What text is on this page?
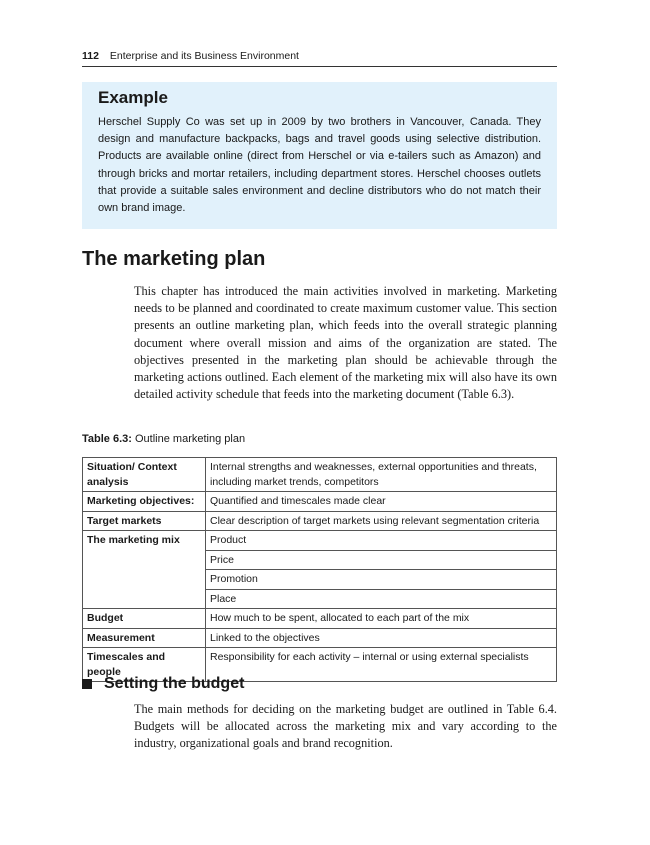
112 Enterprise and its Business Environment
Example

Herschel Supply Co was set up in 2009 by two brothers in Vancouver, Canada. They design and manufacture backpacks, bags and travel goods using selective distribution. Products are available online (direct from Herschel or via e-tailers such as Amazon) and through bricks and mortar retailers, including department stores. Herschel chooses outlets that provide a suitable sales environment and decline distributors who do not match their own brand image.

The marketing plan

This chapter has introduced the main activities involved in marketing. Marketing needs to be planned and coordinated to create maximum customer value. This section presents an outline marketing plan, which feeds into the overall strategic planning document where overall mission and aims of the organization are stated. The objectives presented in the marketing plan should be achievable through the marketing actions outlined. Each element of the marketing mix will also have its own detailed activity schedule that feeds into the marketing document (Table 6.3).

Table 6.3: Outline marketing plan

Situation/ Context analysis	Internal strengths and weaknesses, external opportunities and threats, including market trends, competitors
Marketing objectives:	Quantified and timescales made clear
Target markets	Clear description of target markets using relevant segmentation criteria
The marketing mix	Product
	Price
	Promotion
	Place
Budget	How much to be spent, allocated to each part of the mix
Measurement	Linked to the objectives
Timescales and people	Responsibility for each activity – internal or using external specialists
Setting the budget

The main methods for deciding on the marketing budget are outlined in Table 6.4. Budgets will be allocated across the marketing mix and vary according to the industry, organizational goals and brand recognition.
